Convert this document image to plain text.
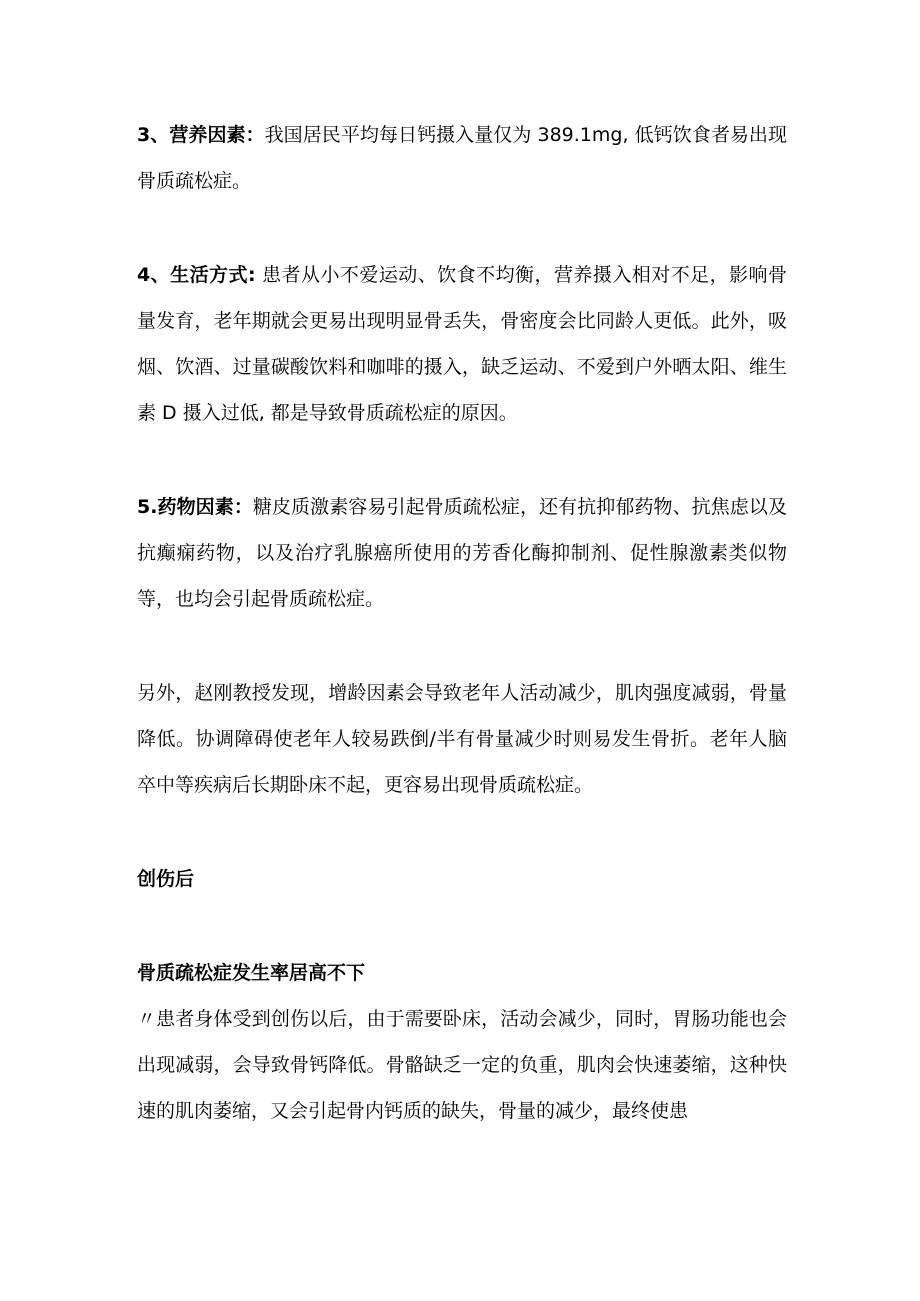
3、营养因素：我国居民平均每日钙摄入量仅为 389.1mg, 低钙饮食者易出现骨质疏松症。

4、生活方式: 患者从小不爱运动、饮食不均衡，营养摄入相对不足，影响骨量发育，老年期就会更易出现明显骨丢失，骨密度会比同龄人更低。此外，吸烟、饮酒、过量碳酸饮料和咖啡的摄入，缺乏运动、不爱到户外晒太阳、维生素 D 摄入过低, 都是导致骨质疏松症的原因。

5.药物因素：糖皮质激素容易引起骨质疏松症，还有抗抑郁药物、抗焦虑以及抗癫痫药物，以及治疗乳腺癌所使用的芳香化酶抑制剂、促性腺激素类似物等，也均会引起骨质疏松症。

另外，赵刚教授发现，增龄因素会导致老年人活动减少，肌肉强度减弱，骨量降低。协调障碍使老年人较易跌倒/半有骨量减少时则易发生骨折。老年人脑卒中等疾病后长期卧床不起，更容易出现骨质疏松症。

创伤后

骨质疏松症发生率居高不下

〃患者身体受到创伤以后，由于需要卧床，活动会减少，同时，胃肠功能也会出现减弱，会导致骨钙降低。骨骼缺乏一定的负重，肌肉会快速萎缩，这种快速的肌肉萎缩，又会引起骨内钙质的缺失，骨量的减少，最终使患
